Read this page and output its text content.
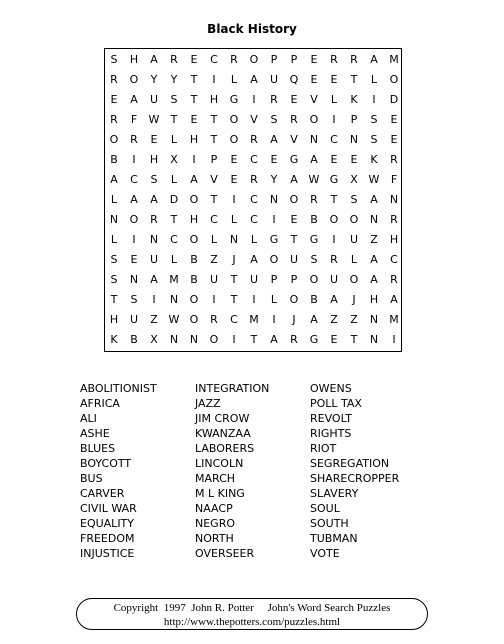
Black History
S	H	A	R	E	C	R	O	P	P	E	R	R	A	M
R	O	Y	Y	T	I	L	A	U	Q	E	E	T	L	O
E	A	U	S	T	H	G	I	R	E	V	L	K	I	D
R	F	W	T	E	T	O	V	S	R	O	I	P	S	E
O	R	E	L	H	T	O	R	A	V	N	C	N	S	E
B	I	H	X	I	P	E	C	E	G	A	E	E	K	R
A	C	S	L	A	V	E	R	Y	A W G	X W	F
L	A	A	D	O	T	I	C	N	O	R	T	S	A	N
N	O	R	T	H	C	L	C	I	E	B	O	O	N	R
L	I	N	C	O	L	N	L	G	T	G	I	U	Z	H
S	E	U	L	B	Z	J	A	O	U	S	R	L	A	C
S	N	A	M	B	U	T	U	P	P	O	U	O	A	R
T	S	I	N	O	I	T	I	L	O	B	A	J	H	A
H	U	Z W O	R	C	M	I	J	A	Z	Z	N	M
K	B	X	N	N	O	I	T	A	R	G	E	T	N	I
ABOLITIONIST
AFRICA
ALI
ASHE
BLUES
BOYCOTT
BUS
CARVER
CIVIL WAR
EQUALITY
FREEDOM
INJUSTICE
INTEGRATION
JAZZ
JIM CROW
KWANZAA
LABORERS
LINCOLN
MARCH
M L KING
NAACP
NEGRO
NORTH
OVERSEER
OWENS
POLL TAX
REVOLT
RIGHTS
RIOT
SEGREGATION
SHARECROPPER
SLAVERY
SOUL
SOUTH
TUBMAN
VOTE
Copyright  1997  John R. Potter     John's Word Search Puzzles
http://www.thepotters.com/puzzles.html
